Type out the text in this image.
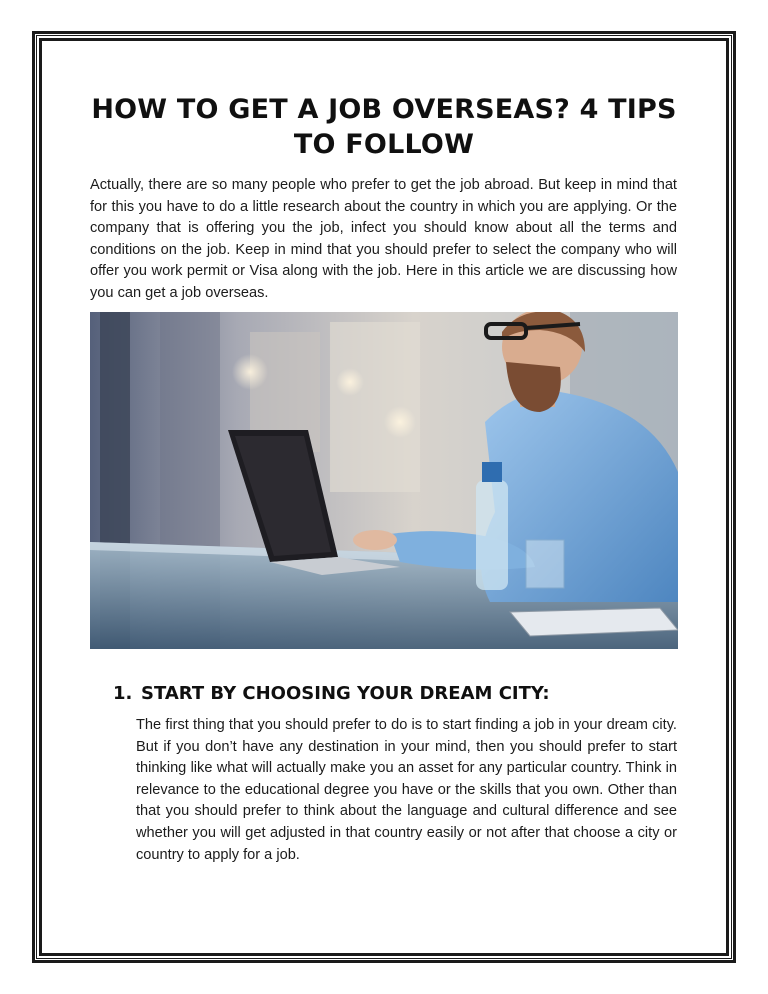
HOW TO GET A JOB OVERSEAS? 4 TIPS TO FOLLOW

Actually, there are so many people who prefer to get the job abroad. But keep in mind that for this you have to do a little research about the country in which you are applying. Or the company that is offering you the job, infect you should know about all the terms and conditions on the job. Keep in mind that you should prefer to select the company who will offer you work permit or Visa along with the job. Here in this article we are discussing how you can get a job overseas.

1. START BY CHOOSING YOUR DREAM CITY:

The first thing that you should prefer to do is to start finding a job in your dream city. But if you don’t have any destination in your mind, then you should prefer to start thinking like what will actually make you an asset for any particular country. Think in relevance to the educational degree you have or the skills that you own. Other than that you should prefer to think about the language and cultural difference and see whether you will get adjusted in that country easily or not after that choose a city or country to apply for a job.
